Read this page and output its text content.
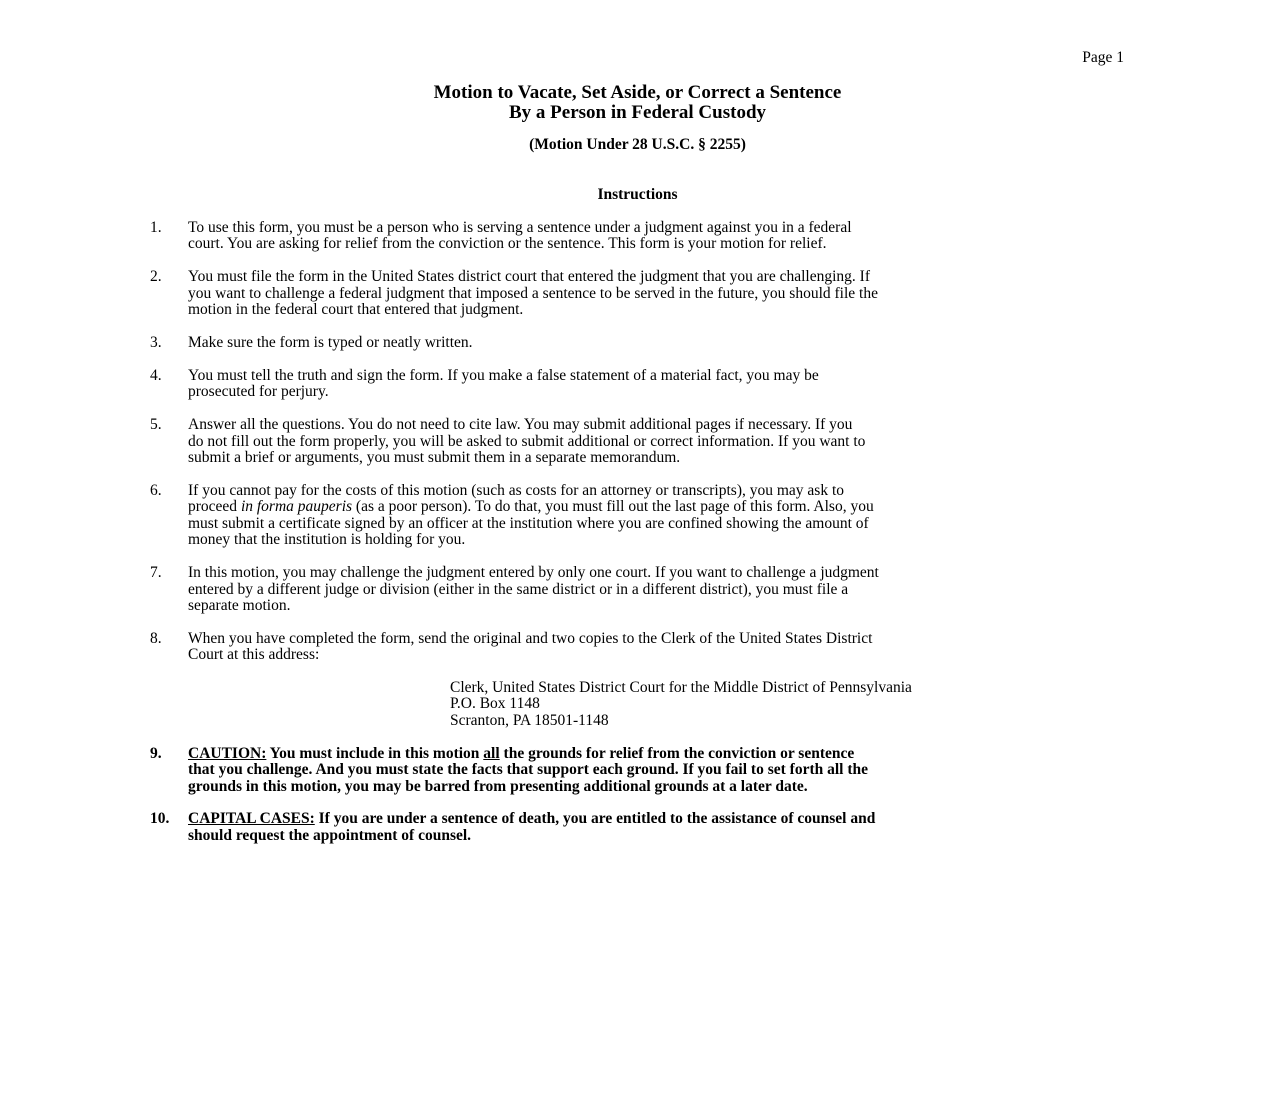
Page 1
Motion to Vacate, Set Aside, or Correct a Sentence
By a Person in Federal Custody
(Motion Under 28 U.S.C. § 2255)
Instructions
1. To use this form, you must be a person who is serving a sentence under a judgment against you in a federal
court. You are asking for relief from the conviction or the sentence. This form is your motion for relief.
2. You must file the form in the United States district court that entered the judgment that you are challenging. If
you want to challenge a federal judgment that imposed a sentence to be served in the future, you should file the
motion in the federal court that entered that judgment.
3. Make sure the form is typed or neatly written.
4. You must tell the truth and sign the form. If you make a false statement of a material fact, you may be
prosecuted for perjury.
5. Answer all the questions. You do not need to cite law. You may submit additional pages if necessary. If you
do not fill out the form properly, you will be asked to submit additional or correct information. If you want to
submit a brief or arguments, you must submit them in a separate memorandum.
6. If you cannot pay for the costs of this motion (such as costs for an attorney or transcripts), you may ask to
proceed in forma pauperis (as a poor person). To do that, you must fill out the last page of this form. Also, you
must submit a certificate signed by an officer at the institution where you are confined showing the amount of
money that the institution is holding for you.
7. In this motion, you may challenge the judgment entered by only one court. If you want to challenge a judgment
entered by a different judge or division (either in the same district or in a different district), you must file a
separate motion.
8. When you have completed the form, send the original and two copies to the Clerk of the United States District
Court at this address:
Clerk, United States District Court for the Middle District of Pennsylvania
P.O. Box 1148
Scranton, PA 18501-1148
9. CAUTION: You must include in this motion all the grounds for relief from the conviction or sentence
that you challenge. And you must state the facts that support each ground. If you fail to set forth all the
grounds in this motion, you may be barred from presenting additional grounds at a later date.
10. CAPITAL CASES: If you are under a sentence of death, you are entitled to the assistance of counsel and
should request the appointment of counsel.
